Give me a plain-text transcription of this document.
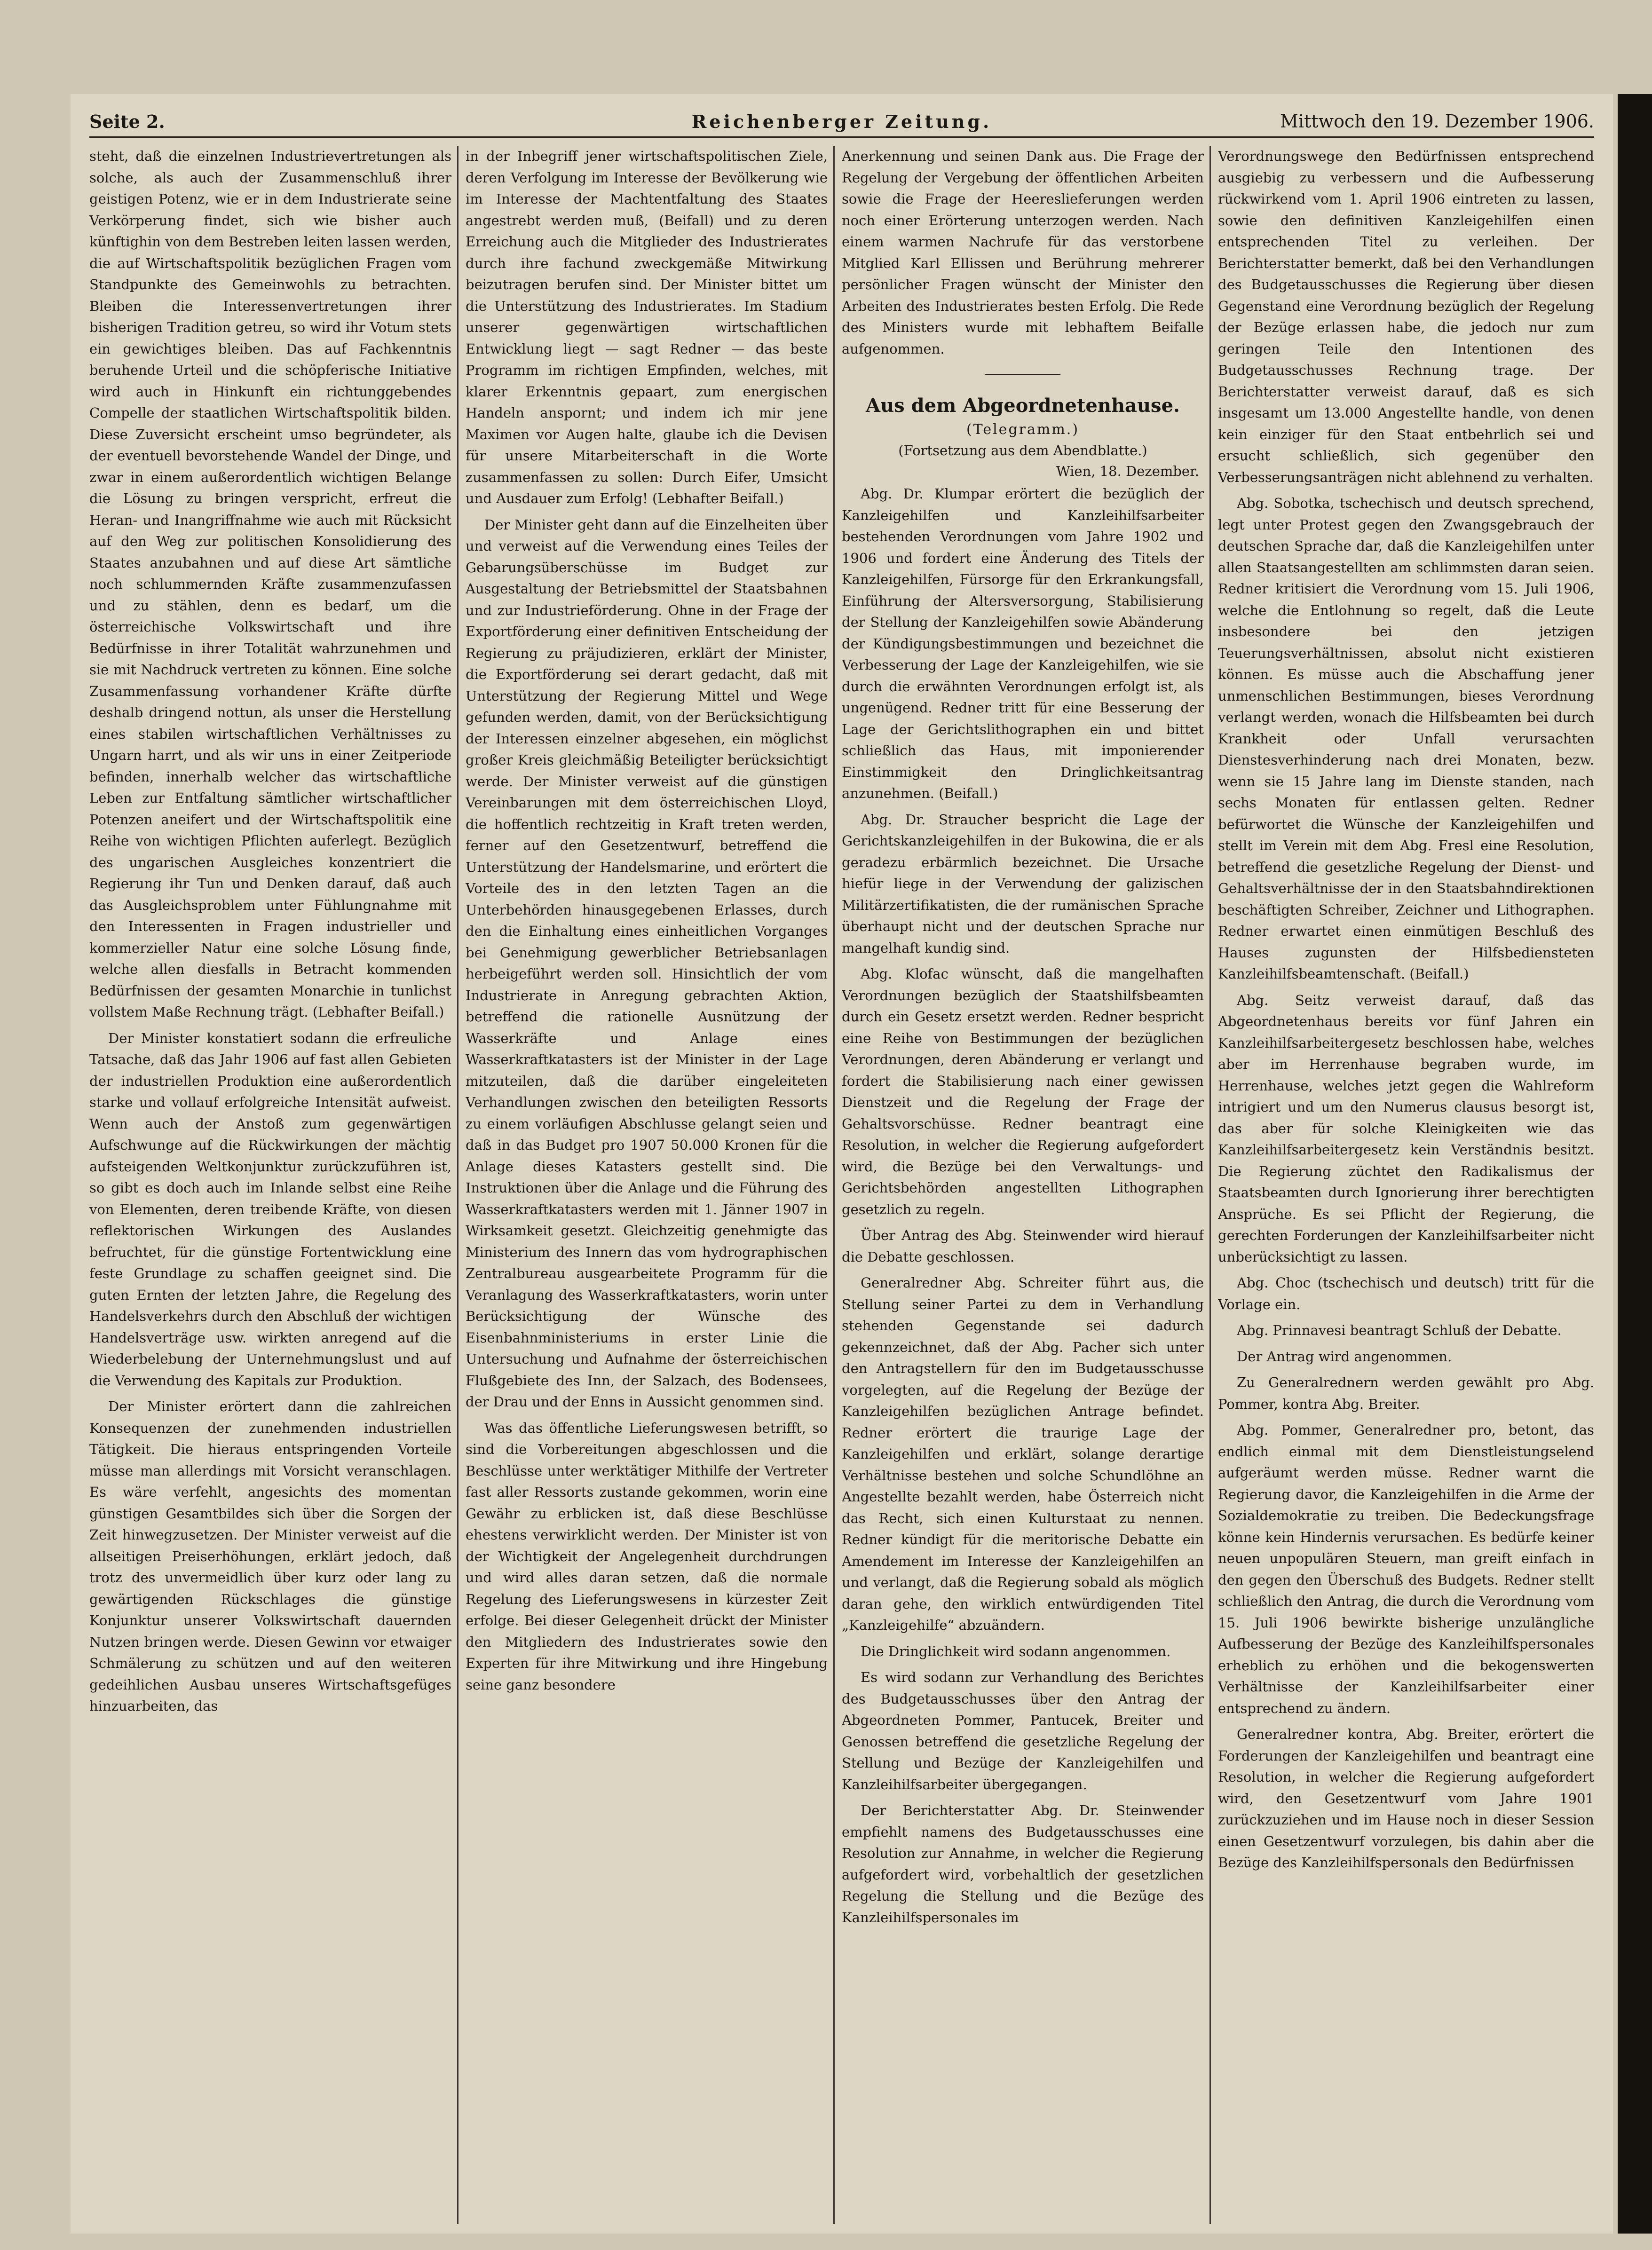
Seite 2.	Reichenberger Zeitung.	Mittwoch den 19. Dezember 1906.

steht, daß die einzelnen Industrievertretungen als solche, als auch der Zusammenschluß ihrer geistigen Potenz, wie er in dem Industrierate seine Verkörperung findet, sich wie bisher auch künftighin von dem Bestreben leiten lassen werden, die auf Wirtschaftspolitik bezüglichen Fragen vom Standpunkte des Gemeinwohls zu betrachten. Bleiben die Interessenvertretungen ihrer bisherigen Tradition getreu, so wird ihr Votum stets ein gewichtiges bleiben. Das auf Fachkenntnis beruhende Urteil und die schöpferische Initiative wird auch in Hinkunft ein richtunggebendes Compelle der staatlichen Wirtschaftspolitik bilden. Diese Zuversicht erscheint umso begründeter, als der eventuell bevorstehende Wandel der Dinge, und zwar in einem außerordentlich wichtigen Belange die Lösung zu bringen verspricht, erfreut die Heran- und Inangriffnahme wie auch mit Rücksicht auf den Weg zur politischen Konsolidierung des Staates anzubahnen und auf diese Art sämtliche noch schlummernden Kräfte zusammenzufassen und zu stählen, denn es bedarf, um die österreichische Volkswirtschaft und ihre Bedürfnisse in ihrer Totalität wahrzunehmen und sie mit Nachdruck vertreten zu können. Eine solche Zusammenfassung vorhandener Kräfte dürfte deshalb dringend nottun, als unser die Herstellung eines stabilen wirtschaftlichen Verhältnisses zu Ungarn harrt, und als wir uns in einer Zeitperiode befinden, innerhalb welcher das wirtschaftliche Leben zur Entfaltung sämtlicher wirtschaftlicher Potenzen aneifert und der Wirtschaftspolitik eine Reihe von wichtigen Pflichten auferlegt. Bezüglich des ungarischen Ausgleiches konzentriert die Regierung ihr Tun und Denken darauf, daß auch das Ausgleichsproblem unter Fühlungnahme mit den Interessenten in Fragen industrieller und kommerzieller Natur eine solche Lösung finde, welche allen diesfalls in Betracht kommenden Bedürfnissen der gesamten Monarchie in tunlichst vollstem Maße Rechnung trägt. (Lebhafter Beifall.)

Der Minister konstatiert sodann die erfreuliche Tatsache, daß das Jahr 1906 auf fast allen Gebieten der industriellen Produktion eine außerordentlich starke und vollauf erfolgreiche Intensität aufweist. Wenn auch der Anstoß zum gegenwärtigen Aufschwunge auf die Rückwirkungen der mächtig aufsteigenden Weltkonjunktur zurückzuführen ist, so gibt es doch auch im Inlande selbst eine Reihe von Elementen, deren treibende Kräfte, von diesen reflektorischen Wirkungen des Auslandes befruchtet, für die günstige Fortentwicklung eine feste Grundlage zu schaffen geeignet sind. Die guten Ernten der letzten Jahre, die Regelung des Handelsverkehrs durch den Abschluß der wichtigen Handelsverträge usw. wirkten anregend auf die Wiederbelebung der Unternehmungslust und auf die Verwendung des Kapitals zur Produktion.

Der Minister erörtert dann die zahlreichen Konsequenzen der zunehmenden industriellen Tätigkeit. Die hieraus entspringenden Vorteile müsse man allerdings mit Vorsicht veranschlagen. Es wäre verfehlt, angesichts des momentan günstigen Gesamtbildes sich über die Sorgen der Zeit hinwegzusetzen. Der Minister verweist auf die allseitigen Preiserhöhungen, erklärt jedoch, daß trotz des unvermeidlich über kurz oder lang zu gewärtigenden Rückschlages die günstige Konjunktur unserer Volkswirtschaft dauernden Nutzen bringen werde. Diesen Gewinn vor etwaiger Schmälerung zu schützen und auf den weiteren gedeihlichen Ausbau unseres Wirtschaftsgefüges hinzuarbeiten, das

in der Inbegriff jener wirtschaftspolitischen Ziele, deren Verfolgung im Interesse der Bevölkerung wie im Interesse der Machtentfaltung des Staates angestrebt werden muß, (Beifall) und zu deren Erreichung auch die Mitglieder des Industrierates durch ihre fachund zweckgemäße Mitwirkung beizutragen berufen sind. Der Minister bittet um die Unterstützung des Industrierates. Im Stadium unserer gegenwärtigen wirtschaftlichen Entwicklung liegt — sagt Redner — das beste Programm im richtigen Empfinden, welches, mit klarer Erkenntnis gepaart, zum energischen Handeln anspornt; und indem ich mir jene Maximen vor Augen halte, glaube ich die Devisen für unsere Mitarbeiterschaft in die Worte zusammenfassen zu sollen: Durch Eifer, Umsicht und Ausdauer zum Erfolg! (Lebhafter Beifall.)

Der Minister geht dann auf die Einzelheiten über und verweist auf die Verwendung eines Teiles der Gebarungsüberschüsse im Budget zur Ausgestaltung der Betriebsmittel der Staatsbahnen und zur Industrieförderung. Ohne in der Frage der Exportförderung einer definitiven Entscheidung der Regierung zu präjudizieren, erklärt der Minister, die Exportförderung sei derart gedacht, daß mit Unterstützung der Regierung Mittel und Wege gefunden werden, damit, von der Berücksichtigung der Interessen einzelner abgesehen, ein möglichst großer Kreis gleichmäßig Beteiligter berücksichtigt werde. Der Minister verweist auf die günstigen Vereinbarungen mit dem österreichischen Lloyd, die hoffentlich rechtzeitig in Kraft treten werden, ferner auf den Gesetzentwurf, betreffend die Unterstützung der Handelsmarine, und erörtert die Vorteile des in den letzten Tagen an die Unterbehörden hinausgegebenen Erlasses, durch den die Einhaltung eines einheitlichen Vorganges bei Genehmigung gewerblicher Betriebsanlagen herbeigeführt werden soll. Hinsichtlich der vom Industrierate in Anregung gebrachten Aktion, betreffend die rationelle Ausnützung der Wasserkräfte und Anlage eines Wasserkraftkatasters ist der Minister in der Lage mitzuteilen, daß die darüber eingeleiteten Verhandlungen zwischen den beteiligten Ressorts zu einem vorläufigen Abschlusse gelangt seien und daß in das Budget pro 1907 50.000 Kronen für die Anlage dieses Katasters gestellt sind. Die Instruktionen über die Anlage und die Führung des Wasserkraftkatasters werden mit 1. Jänner 1907 in Wirksamkeit gesetzt. Gleichzeitig genehmigte das Ministerium des Innern das vom hydrographischen Zentralbureau ausgearbeitete Programm für die Veranlagung des Wasserkraftkatasters, worin unter Berücksichtigung der Wünsche des Eisenbahnministeriums in erster Linie die Untersuchung und Aufnahme der österreichischen Flußgebiete des Inn, der Salzach, des Bodensees, der Drau und der Enns in Aussicht genommen sind.

Was das öffentliche Lieferungswesen betrifft, so sind die Vorbereitungen abgeschlossen und die Beschlüsse unter werktätiger Mithilfe der Vertreter fast aller Ressorts zustande gekommen, worin eine Gewähr zu erblicken ist, daß diese Beschlüsse ehestens verwirklicht werden. Der Minister ist von der Wichtigkeit der Angelegenheit durchdrungen und wird alles daran setzen, daß die normale Regelung des Lieferungswesens in kürzester Zeit erfolge. Bei dieser Gelegenheit drückt der Minister den Mitgliedern des Industrierates sowie den Experten für ihre Mitwirkung und ihre Hingebung seine ganz besondere

Anerkennung und seinen Dank aus. Die Frage der Regelung der Vergebung der öffentlichen Arbeiten sowie die Frage der Heereslieferungen werden noch einer Erörterung unterzogen werden. Nach einem warmen Nachrufe für das verstorbene Mitglied Karl Ellissen und Berührung mehrerer persönlicher Fragen wünscht der Minister den Arbeiten des Industrierates besten Erfolg. Die Rede des Ministers wurde mit lebhaftem Beifalle aufgenommen.

Aus dem Abgeordnetenhause.
(Telegramm.)
(Fortsetzung aus dem Abendblatte.)
Wien, 18. Dezember.

Abg. Dr. Klumpar erörtert die bezüglich der Kanzleigehilfen und Kanzleihilfsarbeiter bestehenden Verordnungen vom Jahre 1902 und 1906 und fordert eine Änderung des Titels der Kanzleigehilfen, Fürsorge für den Erkrankungsfall, Einführung der Altersversorgung, Stabilisierung der Stellung der Kanzleigehilfen sowie Abänderung der Kündigungsbestimmungen und bezeichnet die Verbesserung der Lage der Kanzleigehilfen, wie sie durch die erwähnten Verordnungen erfolgt ist, als ungenügend. Redner tritt für eine Besserung der Lage der Gerichtslithographen ein und bittet schließlich das Haus, mit imponierender Einstimmigkeit den Dringlichkeitsantrag anzunehmen. (Beifall.)

Abg. Dr. Straucher bespricht die Lage der Gerichtskanzleigehilfen in der Bukowina, die er als geradezu erbärmlich bezeichnet. Die Ursache hiefür liege in der Verwendung der galizischen Militärzertifikatisten, die der rumänischen Sprache überhaupt nicht und der deutschen Sprache nur mangelhaft kundig sind.

Abg. Klofac wünscht, daß die mangelhaften Verordnungen bezüglich der Staatshilfsbeamten durch ein Gesetz ersetzt werden. Redner bespricht eine Reihe von Bestimmungen der bezüglichen Verordnungen, deren Abänderung er verlangt und fordert die Stabilisierung nach einer gewissen Dienstzeit und die Regelung der Frage der Gehaltsvorschüsse. Redner beantragt eine Resolution, in welcher die Regierung aufgefordert wird, die Bezüge bei den Verwaltungs- und Gerichtsbehörden angestellten Lithographen gesetzlich zu regeln.

Über Antrag des Abg. Steinwender wird hierauf die Debatte geschlossen.

Generalredner Abg. Schreiter führt aus, die Stellung seiner Partei zu dem in Verhandlung stehenden Gegenstande sei dadurch gekennzeichnet, daß der Abg. Pacher sich unter den Antragstellern für den im Budgetausschusse vorgelegten, auf die Regelung der Bezüge der Kanzleigehilfen bezüglichen Antrage befindet. Redner erörtert die traurige Lage der Kanzleigehilfen und erklärt, solange derartige Verhältnisse bestehen und solche Schundlöhne an Angestellte bezahlt werden, habe Österreich nicht das Recht, sich einen Kulturstaat zu nennen. Redner kündigt für die meritorische Debatte ein Amendement im Interesse der Kanzleigehilfen an und verlangt, daß die Regierung sobald als möglich daran gehe, den wirklich entwürdigenden Titel „Kanzleigehilfe“ abzuändern.

Die Dringlichkeit wird sodann angenommen.

Es wird sodann zur Verhandlung des Berichtes des Budgetausschusses über den Antrag der Abgeordneten Pommer, Pantucek, Breiter und Genossen betreffend die gesetzliche Regelung der Stellung und Bezüge der Kanzleigehilfen und Kanzleihilfsarbeiter übergegangen.

Der Berichterstatter Abg. Dr. Steinwender empfiehlt namens des Budgetausschusses eine Resolution zur Annahme, in welcher die Regierung aufgefordert wird, vorbehaltlich der gesetzlichen Regelung die Stellung und die Bezüge des Kanzleihilfspersonales im

Verordnungswege den Bedürfnissen entsprechend ausgiebig zu verbessern und die Aufbesserung rückwirkend vom 1. April 1906 eintreten zu lassen, sowie den definitiven Kanzleigehilfen einen entsprechenden Titel zu verleihen. Der Berichterstatter bemerkt, daß bei den Verhandlungen des Budgetausschusses die Regierung über diesen Gegenstand eine Verordnung bezüglich der Regelung der Bezüge erlassen habe, die jedoch nur zum geringen Teile den Intentionen des Budgetausschusses Rechnung trage. Der Berichterstatter verweist darauf, daß es sich insgesamt um 13.000 Angestellte handle, von denen kein einziger für den Staat entbehrlich sei und ersucht schließlich, sich gegenüber den Verbesserungsanträgen nicht ablehnend zu verhalten.

Abg. Sobotka, tschechisch und deutsch sprechend, legt unter Protest gegen den Zwangsgebrauch der deutschen Sprache dar, daß die Kanzleigehilfen unter allen Staatsangestellten am schlimmsten daran seien. Redner kritisiert die Verordnung vom 15. Juli 1906, welche die Entlohnung so regelt, daß die Leute insbesondere bei den jetzigen Teuerungsverhältnissen, absolut nicht existieren können. Es müsse auch die Abschaffung jener unmenschlichen Bestimmungen, bieses Verordnung verlangt werden, wonach die Hilfsbeamten bei durch Krankheit oder Unfall verursachten Dienstesverhinderung nach drei Monaten, bezw. wenn sie 15 Jahre lang im Dienste standen, nach sechs Monaten für entlassen gelten. Redner befürwortet die Wünsche der Kanzleigehilfen und stellt im Verein mit dem Abg. Fresl eine Resolution, betreffend die gesetzliche Regelung der Dienst- und Gehaltsverhältnisse der in den Staatsbahndirektionen beschäftigten Schreiber, Zeichner und Lithographen. Redner erwartet einen einmütigen Beschluß des Hauses zugunsten der Hilfsbediensteten Kanzleihilfsbeamtenschaft. (Beifall.)

Abg. Seitz verweist darauf, daß das Abgeordnetenhaus bereits vor fünf Jahren ein Kanzleihilfsarbeitergesetz beschlossen habe, welches aber im Herrenhause begraben wurde, im Herrenhause, welches jetzt gegen die Wahlreform intrigiert und um den Numerus clausus besorgt ist, das aber für solche Kleinigkeiten wie das Kanzleihilfsarbeitergesetz kein Verständnis besitzt. Die Regierung züchtet den Radikalismus der Staatsbeamten durch Ignorierung ihrer berechtigten Ansprüche. Es sei Pflicht der Regierung, die gerechten Forderungen der Kanzleihilfsarbeiter nicht unberücksichtigt zu lassen.

Abg. Choc (tschechisch und deutsch) tritt für die Vorlage ein.

Abg. Prinnavesi beantragt Schluß der Debatte.

Der Antrag wird angenommen.

Zu Generalrednern werden gewählt pro Abg. Pommer, kontra Abg. Breiter.

Abg. Pommer, Generalredner pro, betont, das endlich einmal mit dem Dienstleistungselend aufgeräumt werden müsse. Redner warnt die Regierung davor, die Kanzleigehilfen in die Arme der Sozialdemokratie zu treiben. Die Bedeckungsfrage könne kein Hindernis verursachen. Es bedürfe keiner neuen unpopulären Steuern, man greift einfach in den gegen den Überschuß des Budgets. Redner stellt schließlich den Antrag, die durch die Verordnung vom 15. Juli 1906 bewirkte bisherige unzulängliche Aufbesserung der Bezüge des Kanzleihilfspersonales erheblich zu erhöhen und die bekogenswerten Verhältnisse der Kanzleihilfsarbeiter einer entsprechend zu ändern.

Generalredner kontra, Abg. Breiter, erörtert die Forderungen der Kanzleigehilfen und beantragt eine Resolution, in welcher die Regierung aufgefordert wird, den Gesetzentwurf vom Jahre 1901 zurückzuziehen und im Hause noch in dieser Session einen Gesetzentwurf vorzulegen, bis dahin aber die Bezüge des Kanzleihilfspersonals den Bedürfnissen
